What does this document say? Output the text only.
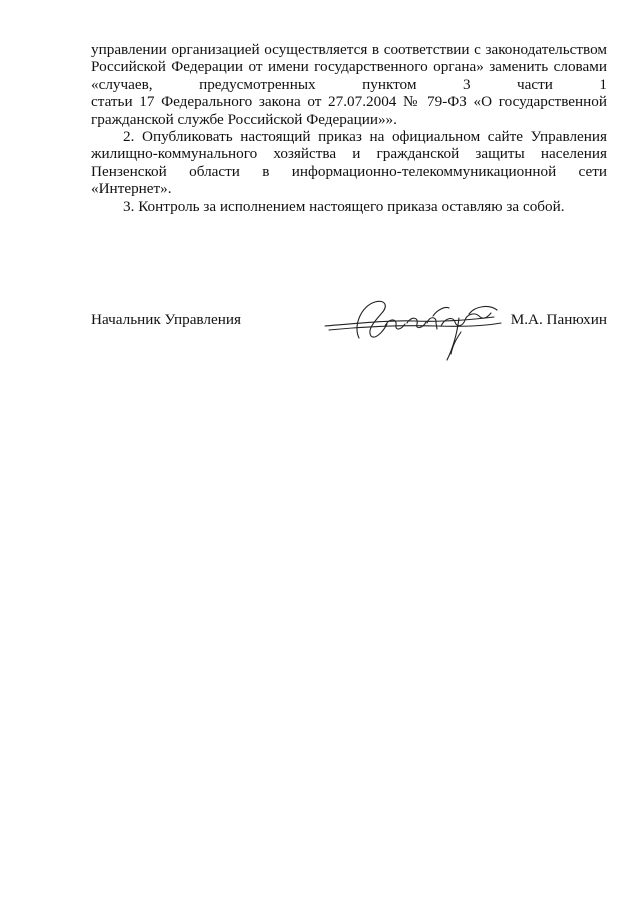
управлении организацией осуществляется в соответствии с законодательством
Российской Федерации от имени государственного органа» заменить словами
«случаев, предусмотренных пунктом 3 части 1
статьи 17 Федерального закона от 27.07.2004 № 79-ФЗ «О государственной
гражданской службе Российской Федерации»».
2. Опубликовать настоящий приказ на официальном сайте Управления
жилищно-коммунального хозяйства и гражданской защиты населения
Пензенской области в информационно-телекоммуникационной сети
«Интернет».
3. Контроль за исполнением настоящего приказа оставляю за собой.
Начальник Управления	М.А. Панюхин
